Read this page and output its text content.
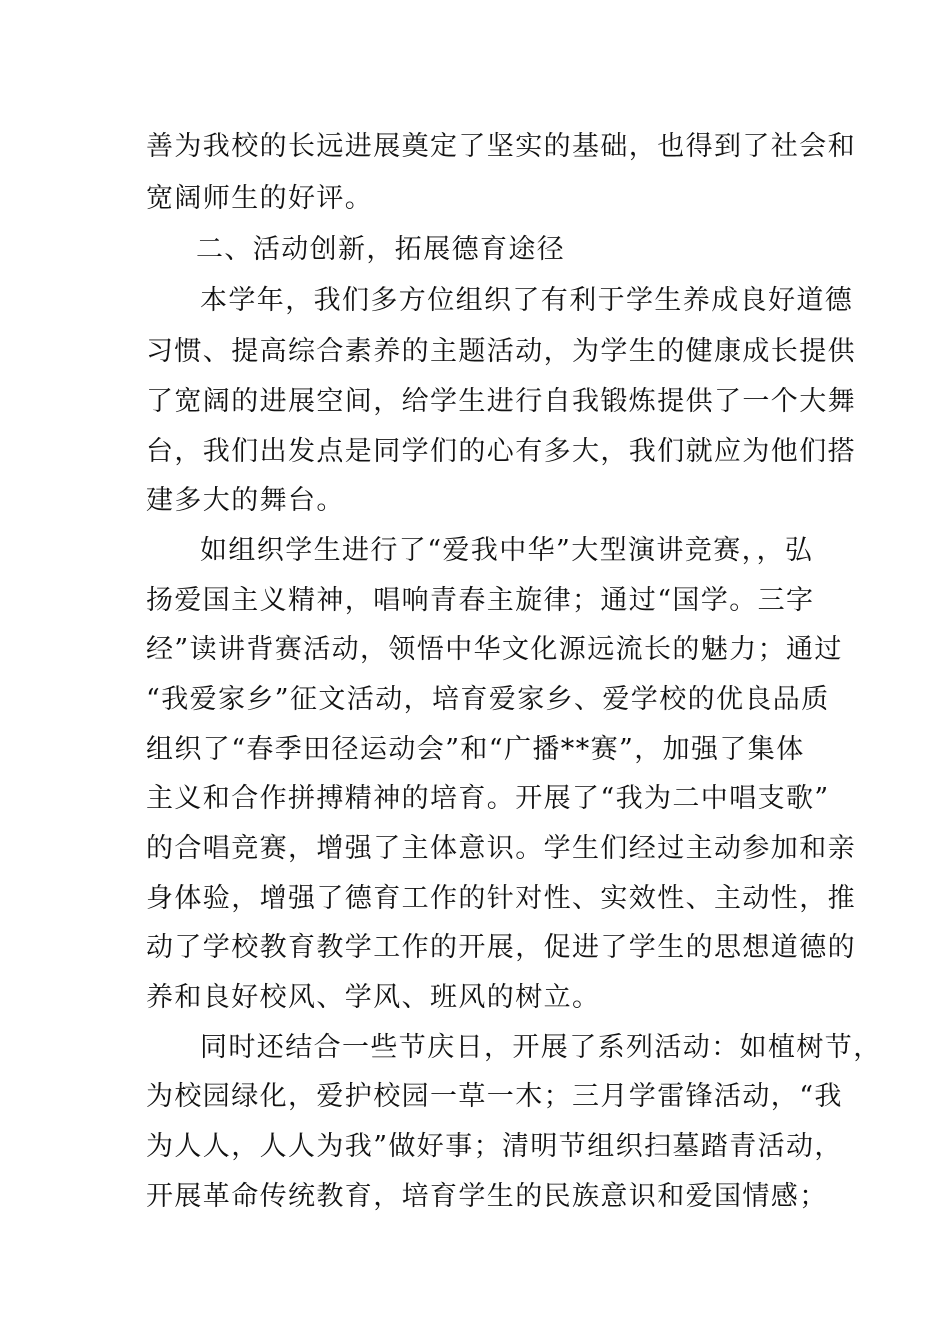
善为我校的长远进展奠定了坚实的基础，也得到了社会和
宽阔师生的好评。
二、活动创新，拓展德育途径
本学年，我们多方位组织了有利于学生养成良好道德
习惯、提高综合素养的主题活动，为学生的健康成长提供
了宽阔的进展空间，给学生进行自我锻炼提供了一个大舞
台，我们出发点是同学们的心有多大，我们就应为他们搭
建多大的舞台。
如组织学生进行了“爱我中华”大型演讲竞赛，，弘
扬爱国主义精神，唱响青春主旋律；通过“国学。三字
经”读讲背赛活动，领悟中华文化源远流长的魅力；通过
“我爱家乡”征文活动，培育爱家乡、爱学校的优良品质
组织了“春季田径运动会”和“广播**赛”，加强了集体
主义和合作拼搏精神的培育。开展了“我为二中唱支歌”
的合唱竞赛，增强了主体意识。学生们经过主动参加和亲
身体验，增强了德育工作的针对性、实效性、主动性，推
动了学校教育教学工作的开展，促进了学生的思想道德的
养和良好校风、学风、班风的树立。
同时还结合一些节庆日，开展了系列活动：如植树节，
为校园绿化，爱护校园一草一木；三月学雷锋活动，“我
为人人，人人为我”做好事；清明节组织扫墓踏青活动，
开展革命传统教育，培育学生的民族意识和爱国情感；
